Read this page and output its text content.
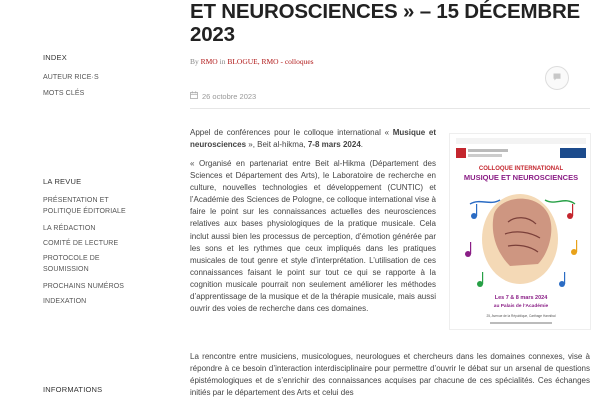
INDEX
AUTEUR RICE·S
MOTS CLÉS
LA REVUE
PRÉSENTATION ET POLITIQUE ÉDITORIALE
LA RÉDACTION
COMITÉ DE LECTURE
PROTOCOLE DE SOUMISSION
PROCHAINS NUMÉROS
INDEXATION
INFORMATIONS
ET NEUROSCIENCES » – 15 DÉCEMBRE
2023
By RMO in BLOGUE, RMO - colloques
26 octobre 2023

Appel de conférences pour le colloque international « Musique et neurosciences », Beit al-hikma, 7-8 mars 2024.

« Organisé en partenariat entre Beit al-Hikma (Département des Sciences et Département des Arts), le Laboratoire de recherche en culture, nouvelles technologies et développement (CUNTIC) et l’Académie des Sciences de Pologne, ce colloque international vise à faire le point sur les connaissances actuelles des neurosciences relatives aux bases physiologiques de la pratique musicale. Cela inclut aussi bien les processus de perception, d’émotion générée par les sons et les rythmes que ceux impliqués dans les pratiques musicales de tout genre et style d’interprétation. L’utilisation de ces connaissances faisant le point sur tout ce qui se rapporte à la cognition musicale pourrait non seulement améliorer les méthodes d’apprentissage de la musique et de la thérapie musicale, mais aussi ouvrir des voies de recherche dans ces domaines.

La rencontre entre musiciens, musicologues, neurologues et chercheurs dans les domaines connexes, vise à répondre à ce besoin d’interaction interdisciplinaire pour permettre d’ouvrir le débat sur un arsenal de questions épistémologiques et de s’enrichir des connaissances acquises par chacune de ces spécialités. Ces échanges initiés par le département des Arts et celui des

COLLOQUE INTERNATIONAL
MUSIQUE ET NEUROSCIENCES
Les 7 & 8 mars 2024
au Palais de l’Académie
25, Avenue de la République, Carthage Hannibal
